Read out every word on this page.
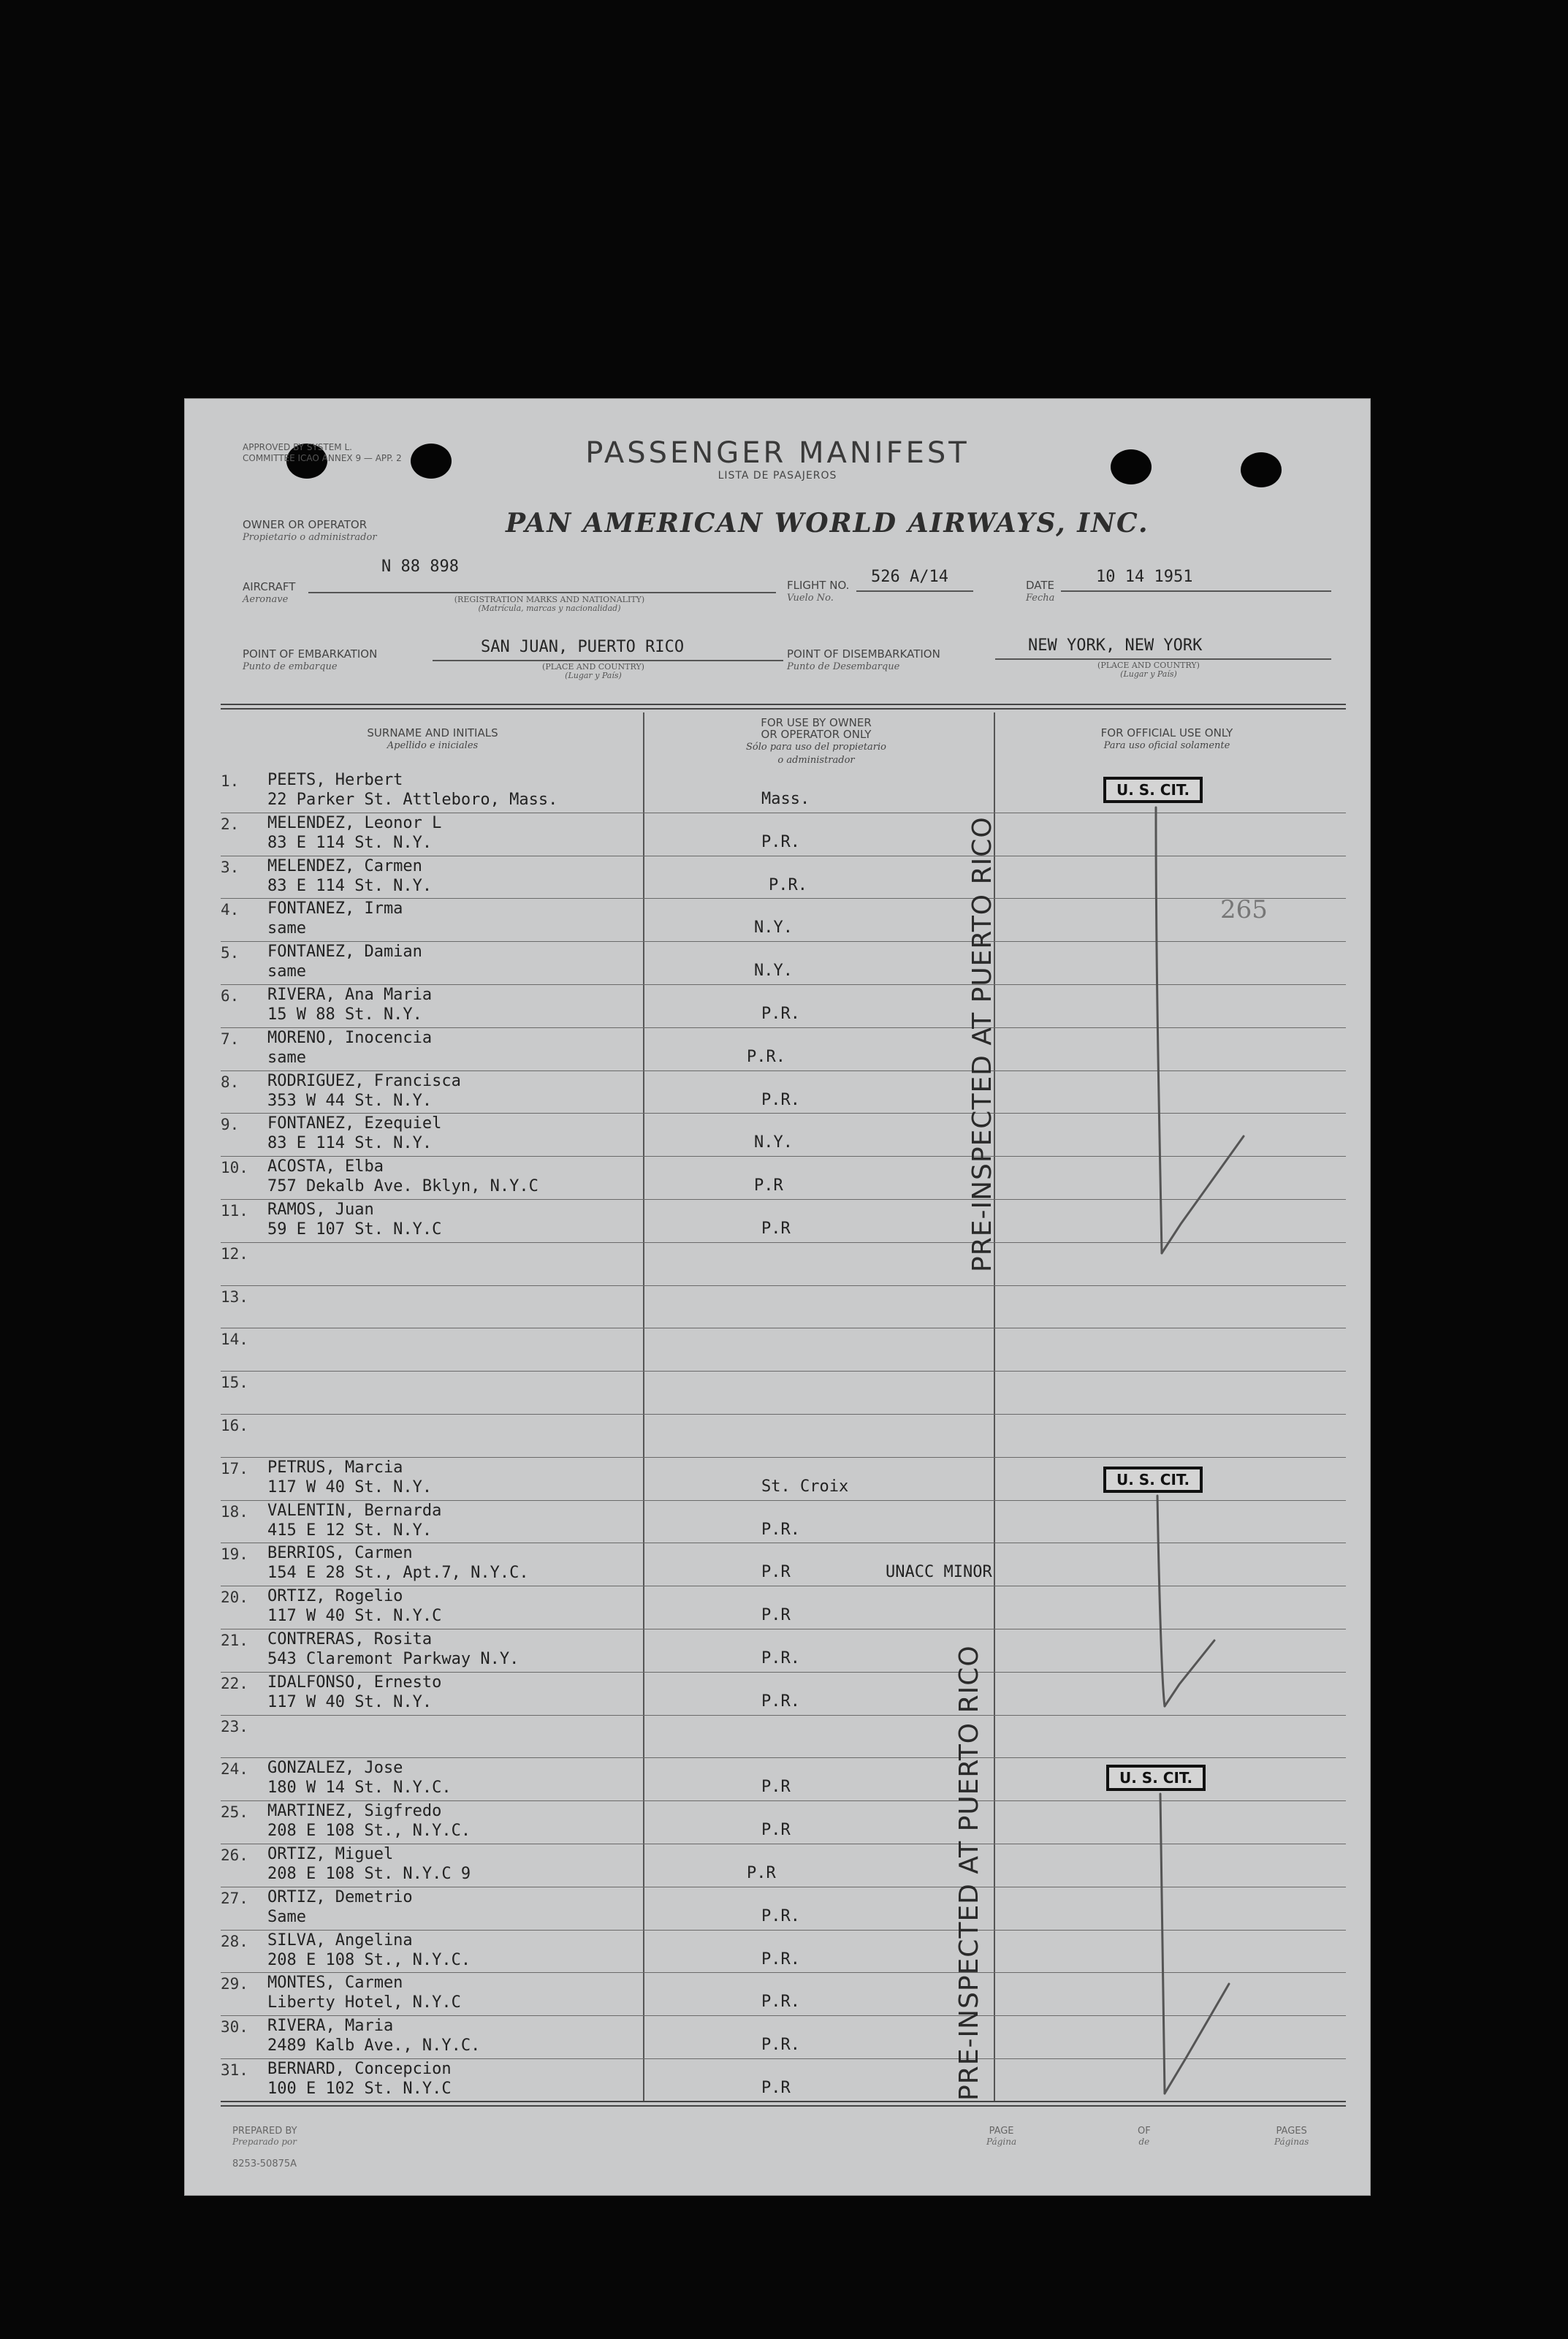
APPROVED BY SYSTEM L. COMMITTEE ICAO ANNEX 9 — APP. 2	PASSENGER MANIFEST
LISTA DE PASAJEROS
OWNER OR OPERATOR
Propietario o administrador	PAN AMERICAN WORLD AIRWAYS, INC.
AIRCRAFT
Aeronave
N 88 898
(REGISTRATION MARKS AND NATIONALITY)
(Matrícula, marcas y nacionalidad)
FLIGHT NO.
Vuelo No.
526 A/14	DATE
Fecha
10 14 1951
POINT OF EMBARKATION
Punto de embarque
SAN JUAN, PUERTO RICO
(PLACE AND COUNTRY)
(Lugar y País)
POINT OF DISEMBARKATION
Punto de Desembarque
NEW YORK, NEW YORK
(PLACE AND COUNTRY)
(Lugar y País)
SURNAME AND INITIALS
Apellido e iniciales
FOR USE BY OWNER
OR OPERATOR ONLY
Sólo para uso del propietario
o administrador
FOR OFFICIAL USE ONLY
Para uso oficial solamente
1. PEETS, Herbert
22 Parker St. Attleboro, Mass.	Mass.
2. MELENDEZ, Leonor L
83 E 114 St. N.Y.	P.R.
3. MELENDEZ, Carmen
83 E 114 St. N.Y.	P.R.
4. FONTANEZ, Irma
same	N.Y.
5. FONTANEZ, Damian
same	N.Y.
6. RIVERA, Ana Maria
15 W 88 St. N.Y.	P.R.
7. MORENO, Inocencia
same	P.R.
8. RODRIGUEZ, Francisca
353 W 44 St. N.Y.	P.R.
9. FONTANEZ, Ezequiel
83 E 114 St. N.Y.	N.Y.
10. ACOSTA, Elba
757 Dekalb Ave. Bklyn, N.Y.C	P.R
11. RAMOS, Juan
59 E 107 St. N.Y.C	P.R
12.
13.
14.
15.
16.
17. PETRUS, Marcia
117 W 40 St. N.Y.	St. Croix
18. VALENTIN, Bernarda
415 E 12 St. N.Y.	P.R.
19. BERRIOS, Carmen
154 E 28 St., Apt.7, N.Y.C.	P.R	UNACC MINOR
20. ORTIZ, Rogelio
117 W 40 St. N.Y.C	P.R
21. CONTRERAS, Rosita
543 Claremont Parkway N.Y.	P.R.
22. IDALFONSO, Ernesto
117 W 40 St. N.Y.	P.R.
23.
24. GONZALEZ, Jose
180 W 14 St. N.Y.C.	P.R
25. MARTINEZ, Sigfredo
208 E 108 St., N.Y.C.	P.R
26. ORTIZ, Miguel
208 E 108 St. N.Y.C 9	P.R
27. ORTIZ, Demetrio
Same	P.R.
28. SILVA, Angelina
208 E 108 St., N.Y.C.	P.R.
29. MONTES, Carmen
Liberty Hotel, N.Y.C	P.R.
30. RIVERA, Maria
2489 Kalb Ave., N.Y.C.	P.R.
31. BERNARD, Concepcion
100 E 102 St. N.Y.C	P.R
U. S. CIT.
U. S. CIT.
U. S. CIT.
PRE-INSPECTED AT PUERTO RICO
PRE-INSPECTED AT PUERTO RICO
265
PREPARED BY
Preparado por
8253-50875A
PAGE
Página
OF
de
PAGES
Páginas
